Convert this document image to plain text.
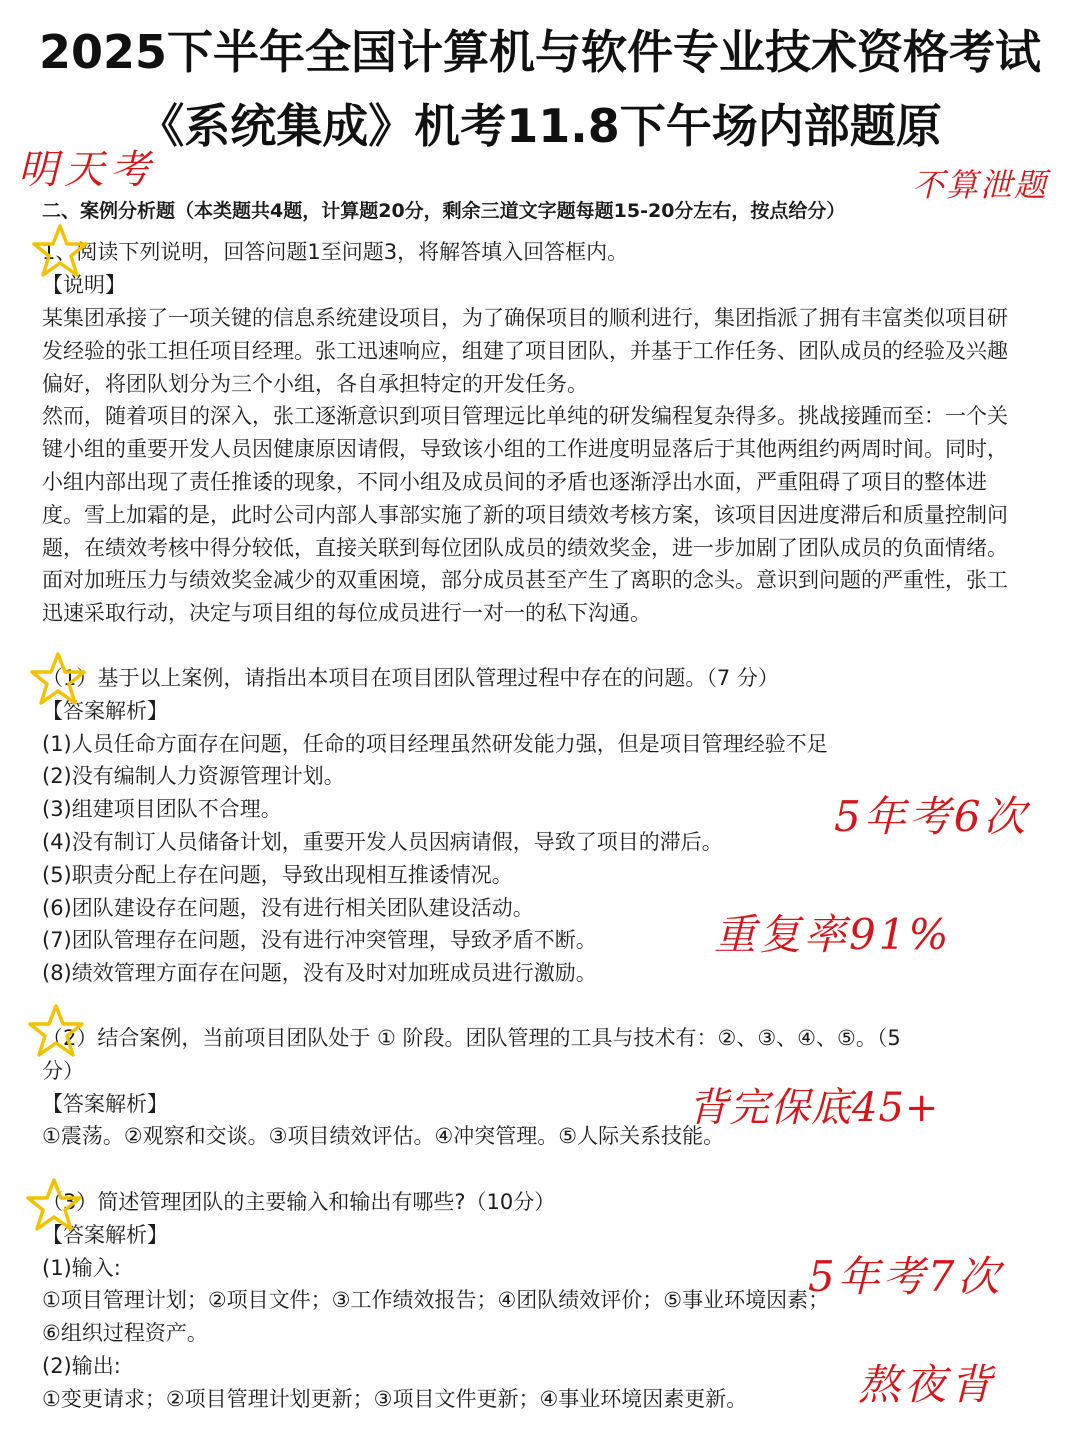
2025下半年全国计算机与软件专业技术资格考试
《系统集成》机考11.8下午场内部题原
明天考	不算泄题
5年考6次
重复率91%
背完保底45+
5年考7次
熬夜背
二、案例分析题（本类题共4题，计算题20分，剩余三道文字题每题15-20分左右，按点给分）
1、阅读下列说明，回答问题1至问题3，将解答填入回答框内。
【说明】
某集团承接了一项关键的信息系统建设项目，为了确保项目的顺利进行，集团指派了拥有丰富类似项目研发经验的张工担任项目经理。张工迅速响应，组建了项目团队，并基于工作任务、团队成员的经验及兴趣偏好，将团队划分为三个小组，各自承担特定的开发任务。
然而，随着项目的深入，张工逐渐意识到项目管理远比单纯的研发编程复杂得多。挑战接踵而至：一个关键小组的重要开发人员因健康原因请假，导致该小组的工作进度明显落后于其他两组约两周时间。同时，小组内部出现了责任推诿的现象，不同小组及成员间的矛盾也逐渐浮出水面，严重阻碍了项目的整体进度。雪上加霜的是，此时公司内部人事部实施了新的项目绩效考核方案，该项目因进度滞后和质量控制问题，在绩效考核中得分较低，直接关联到每位团队成员的绩效奖金，进一步加剧了团队成员的负面情绪。面对加班压力与绩效奖金减少的双重困境，部分成员甚至产生了离职的念头。意识到问题的严重性，张工迅速采取行动，决定与项目组的每位成员进行一对一的私下沟通。
（1）基于以上案例，请指出本项目在项目团队管理过程中存在的问题。（7 分）
【答案解析】
(1)人员任命方面存在问题，任命的项目经理虽然研发能力强，但是项目管理经验不足
(2)没有编制人力资源管理计划。
(3)组建项目团队不合理。
(4)没有制订人员储备计划，重要开发人员因病请假，导致了项目的滞后。
(5)职责分配上存在问题，导致出现相互推诿情况。
(6)团队建设存在问题，没有进行相关团队建设活动。
(7)团队管理存在问题，没有进行冲突管理，导致矛盾不断。
(8)绩效管理方面存在问题，没有及时对加班成员进行激励。
（2）结合案例，当前项目团队处于 ① 阶段。团队管理的工具与技术有：②、③、④、⑤。（5
分）
【答案解析】
①震荡。②观察和交谈。③项目绩效评估。④冲突管理。⑤人际关系技能。
（3）简述管理团队的主要输入和输出有哪些?（10分）
【答案解析】
(1)输入:
①项目管理计划；②项目文件；③工作绩效报告；④团队绩效评价；⑤事业环境因素；
⑥组织过程资产。
(2)输出:
①变更请求；②项目管理计划更新；③项目文件更新；④事业环境因素更新。
